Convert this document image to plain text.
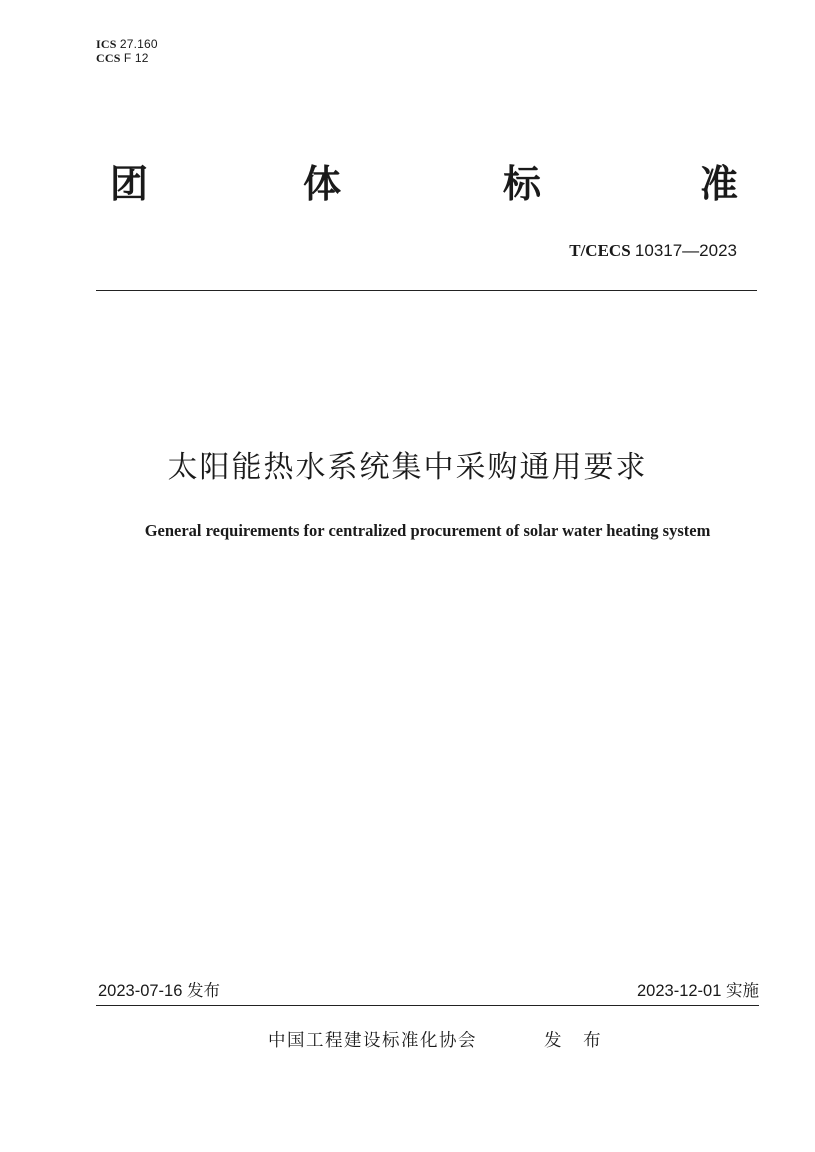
ICS 27.160
CCS F 12
团	体	标	准
T/CECS 10317—2023
太阳能热水系统集中采购通用要求
General requirements for centralized procurement of solar water heating system
2023-07-16 发布	2023-12-01 实施
中国工程建设标准化协会	发 布
